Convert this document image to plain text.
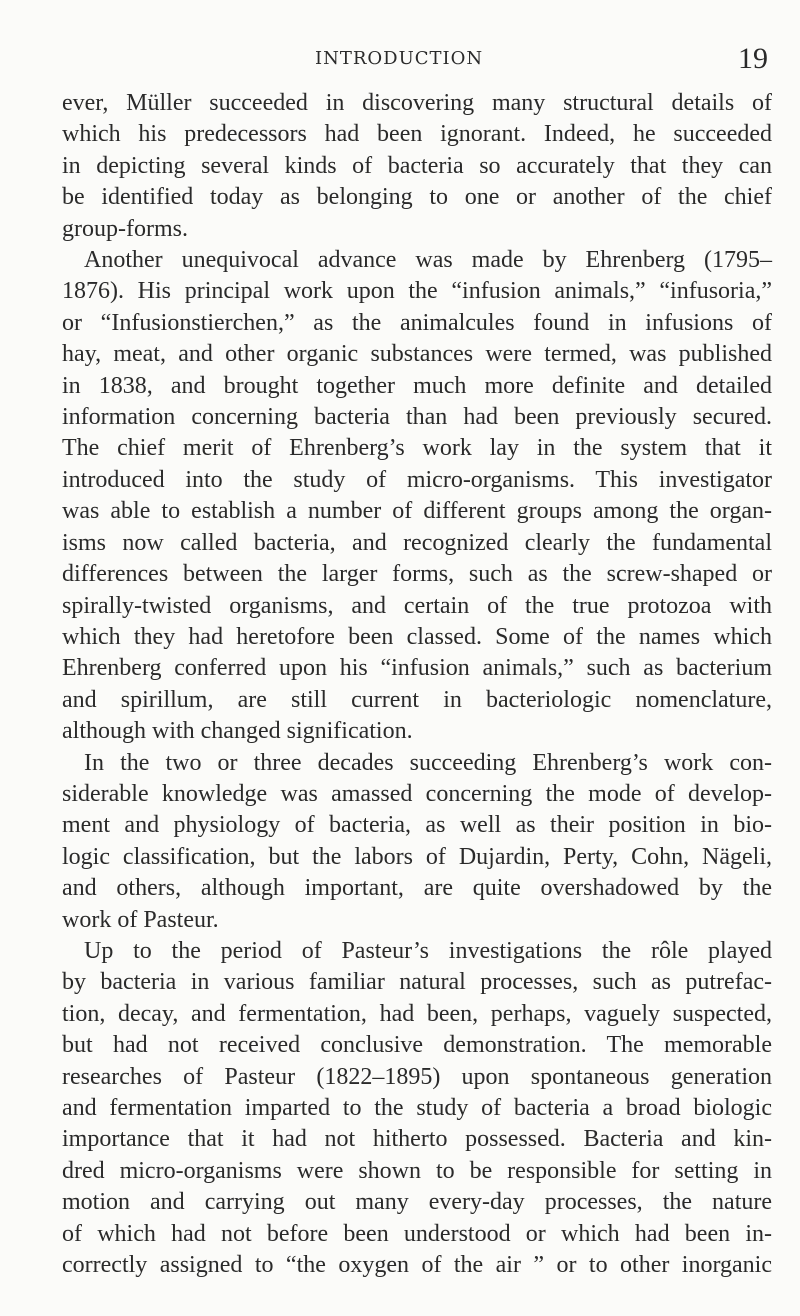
INTRODUCTION	19

ever, Müller succeeded in discovering many structural details of
which his predecessors had been ignorant. Indeed, he succeeded
in depicting several kinds of bacteria so accurately that they can
be identified today as belonging to one or another of the chief
group-forms.

Another unequivocal advance was made by Ehrenberg (1795–
1876). His principal work upon the “infusion animals,” “infusoria,”
or “Infusionstierchen,” as the animalcules found in infusions of
hay, meat, and other organic substances were termed, was published
in 1838, and brought together much more definite and detailed
information concerning bacteria than had been previously secured.
The chief merit of Ehrenberg’s work lay in the system that it
introduced into the study of micro-organisms. This investigator
was able to establish a number of different groups among the organ-
isms now called bacteria, and recognized clearly the fundamental
differences between the larger forms, such as the screw-shaped or
spirally-twisted organisms, and certain of the true protozoa with
which they had heretofore been classed. Some of the names which
Ehrenberg conferred upon his “infusion animals,” such as bacterium
and spirillum, are still current in bacteriologic nomenclature,
although with changed signification.

In the two or three decades succeeding Ehrenberg’s work con-
siderable knowledge was amassed concerning the mode of develop-
ment and physiology of bacteria, as well as their position in bio-
logic classification, but the labors of Dujardin, Perty, Cohn, Nägeli,
and others, although important, are quite overshadowed by the
work of Pasteur.

Up to the period of Pasteur’s investigations the rôle played
by bacteria in various familiar natural processes, such as putrefac-
tion, decay, and fermentation, had been, perhaps, vaguely suspected,
but had not received conclusive demonstration. The memorable
researches of Pasteur (1822–1895) upon spontaneous generation
and fermentation imparted to the study of bacteria a broad biologic
importance that it had not hitherto possessed. Bacteria and kin-
dred micro-organisms were shown to be responsible for setting in
motion and carrying out many every-day processes, the nature
of which had not before been understood or which had been in-
correctly assigned to “the oxygen of the air ” or to other inorganic
